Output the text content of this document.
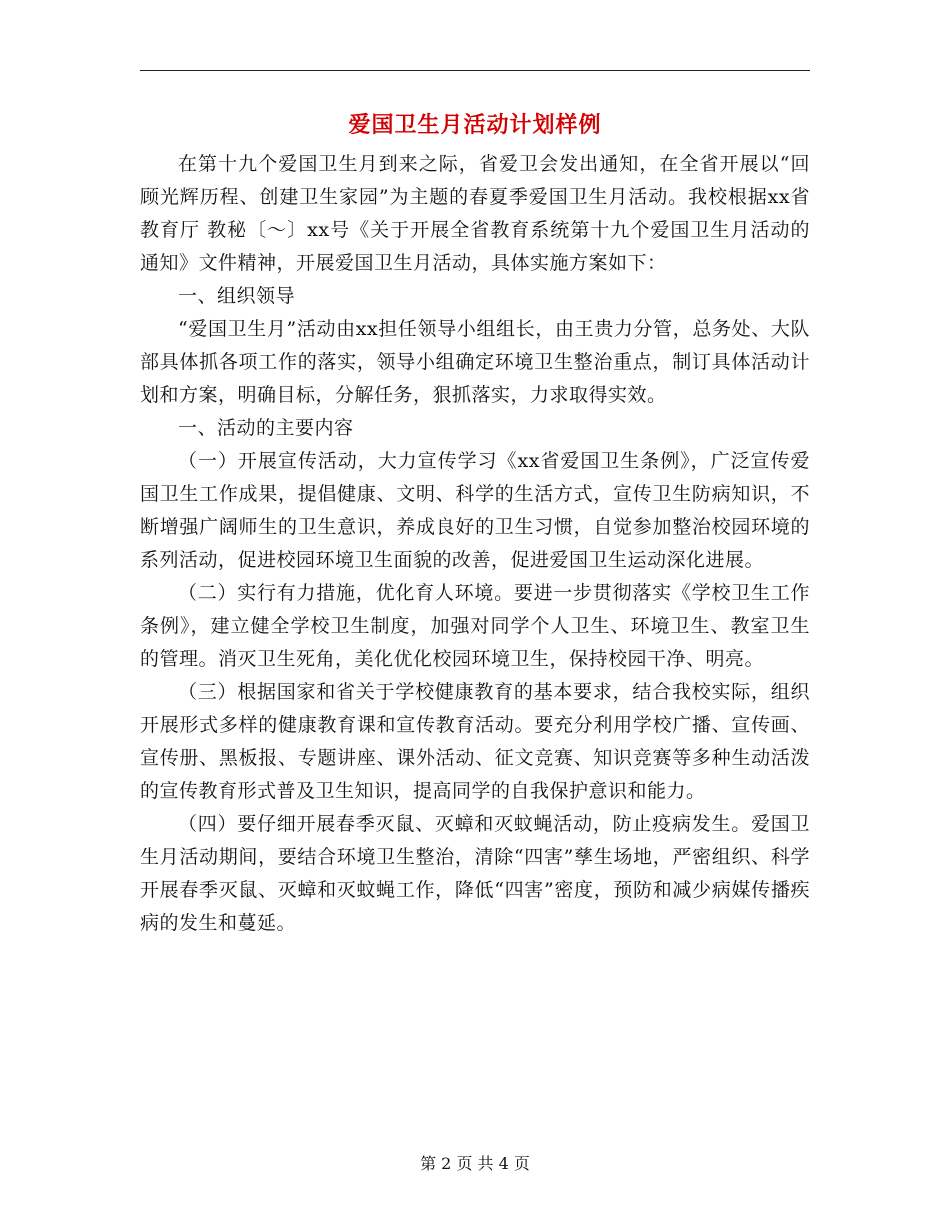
爱国卫生月活动计划样例

在第十九个爱国卫生月到来之际，省爱卫会发出通知，在全省开展以“回顾光辉历程、创建卫生家园”为主题的春夏季爱国卫生月活动。我校根据xx省教育厅 教秘〔～〕xx号《关于开展全省教育系统第十九个爱国卫生月活动的通知》文件精神，开展爱国卫生月活动，具体实施方案如下：

一、组织领导

“爱国卫生月”活动由xx担任领导小组组长，由王贵力分管，总务处、大队部具体抓各项工作的落实，领导小组确定环境卫生整治重点，制订具体活动计划和方案，明确目标，分解任务，狠抓落实，力求取得实效。

一、活动的主要内容

（一）开展宣传活动，大力宣传学习《xx省爱国卫生条例》，广泛宣传爱国卫生工作成果，提倡健康、文明、科学的生活方式，宣传卫生防病知识，不断增强广阔师生的卫生意识，养成良好的卫生习惯，自觉参加整治校园环境的系列活动，促进校园环境卫生面貌的改善，促进爱国卫生运动深化进展。

（二）实行有力措施，优化育人环境。要进一步贯彻落实《学校卫生工作条例》，建立健全学校卫生制度，加强对同学个人卫生、环境卫生、教室卫生的管理。消灭卫生死角，美化优化校园环境卫生，保持校园干净、明亮。

（三）根据国家和省关于学校健康教育的基本要求，结合我校实际，组织开展形式多样的健康教育课和宣传教育活动。要充分利用学校广播、宣传画、宣传册、黑板报、专题讲座、课外活动、征文竞赛、知识竞赛等多种生动活泼的宣传教育形式普及卫生知识，提高同学的自我保护意识和能力。

（四）要仔细开展春季灭鼠、灭蟑和灭蚊蝇活动，防止疫病发生。爱国卫生月活动期间，要结合环境卫生整治，清除“四害”孳生场地，严密组织、科学开展春季灭鼠、灭蟑和灭蚊蝇工作，降低“四害”密度，预防和减少病媒传播疾病的发生和蔓延。

第 2 页 共 4 页
